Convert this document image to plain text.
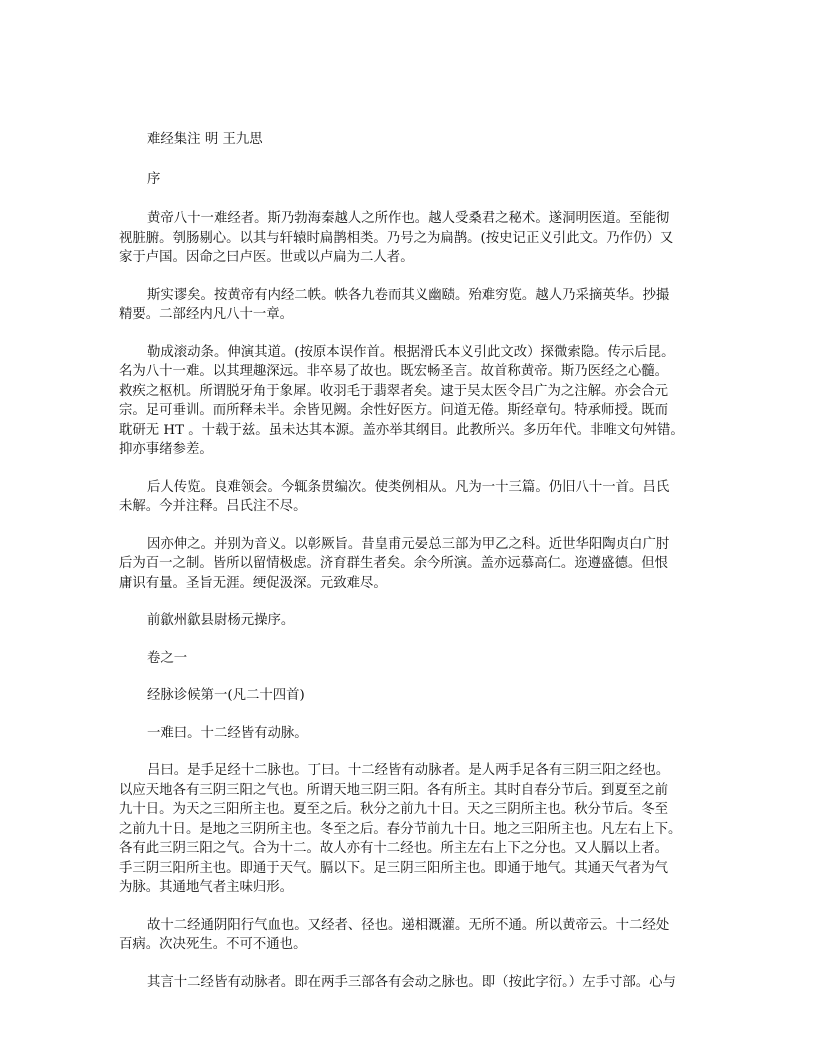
难经集注 明 王九思

序

黄帝八十一难经者。斯乃勃海秦越人之所作也。越人受桑君之秘术。遂洞明医道。至能彻
视脏腑。刳肠剔心。以其与轩辕时扁鹊相类。乃号之为扁鹊。(按史记正义引此文。乃作仍）又
家于卢国。因命之曰卢医。世或以卢扁为二人者。

斯实谬矣。按黄帝有内经二帙。帙各九卷而其义幽赜。殆难穷览。越人乃采摘英华。抄撮
精要。二部经内凡八十一章。

勒成滚动条。伸演其道。(按原本误作首。根据滑氏本义引此文改）探微索隐。传示后昆。
名为八十一难。以其理趣深远。非卒易了故也。既宏畅圣言。故首称黄帝。斯乃医经之心髓。
救疾之枢机。所谓脱牙角于象犀。收羽毛于翡翠者矣。逮于吴太医令吕广为之注解。亦会合元
宗。足可垂训。而所释未半。余皆见阙。余性好医方。问道无倦。斯经章句。特承师授。既而
耽研无 HT 。十载于兹。虽未达其本源。盖亦举其纲目。此教所兴。多历年代。非唯文句舛错。
抑亦事绪参差。

后人传览。良难领会。今辄条贯编次。使类例相从。凡为一十三篇。仍旧八十一首。吕氏
未解。今并注释。吕氏注不尽。

因亦伸之。并别为音义。以彰厥旨。昔皇甫元晏总三部为甲乙之科。近世华阳陶贞白广肘
后为百一之制。皆所以留情极虑。济育群生者矣。余今所演。盖亦远慕高仁。迩遵盛德。但恨
庸识有量。圣旨无涯。绠促汲深。元致难尽。

前歙州歙县尉杨元操序。

卷之一

经脉诊候第一(凡二十四首)

一难曰。十二经皆有动脉。

吕曰。是手足经十二脉也。丁曰。十二经皆有动脉者。是人两手足各有三阴三阳之经也。
以应天地各有三阴三阳之气也。所谓天地三阴三阳。各有所主。其时自春分节后。到夏至之前
九十日。为天之三阳所主也。夏至之后。秋分之前九十日。天之三阴所主也。秋分节后。冬至
之前九十日。是地之三阴所主也。冬至之后。春分节前九十日。地之三阳所主也。凡左右上下。
各有此三阴三阳之气。合为十二。故人亦有十二经也。所主左右上下之分也。又人膈以上者。
手三阴三阳所主也。即通于天气。膈以下。足三阴三阳所主也。即通于地气。其通天气者为气
为脉。其通地气者主味归形。

故十二经通阴阳行气血也。又经者、径也。递相溉灌。无所不通。所以黄帝云。十二经处
百病。次决死生。不可不通也。

其言十二经皆有动脉者。即在两手三部各有会动之脉也。即（按此字衍。）左手寸部。心与
